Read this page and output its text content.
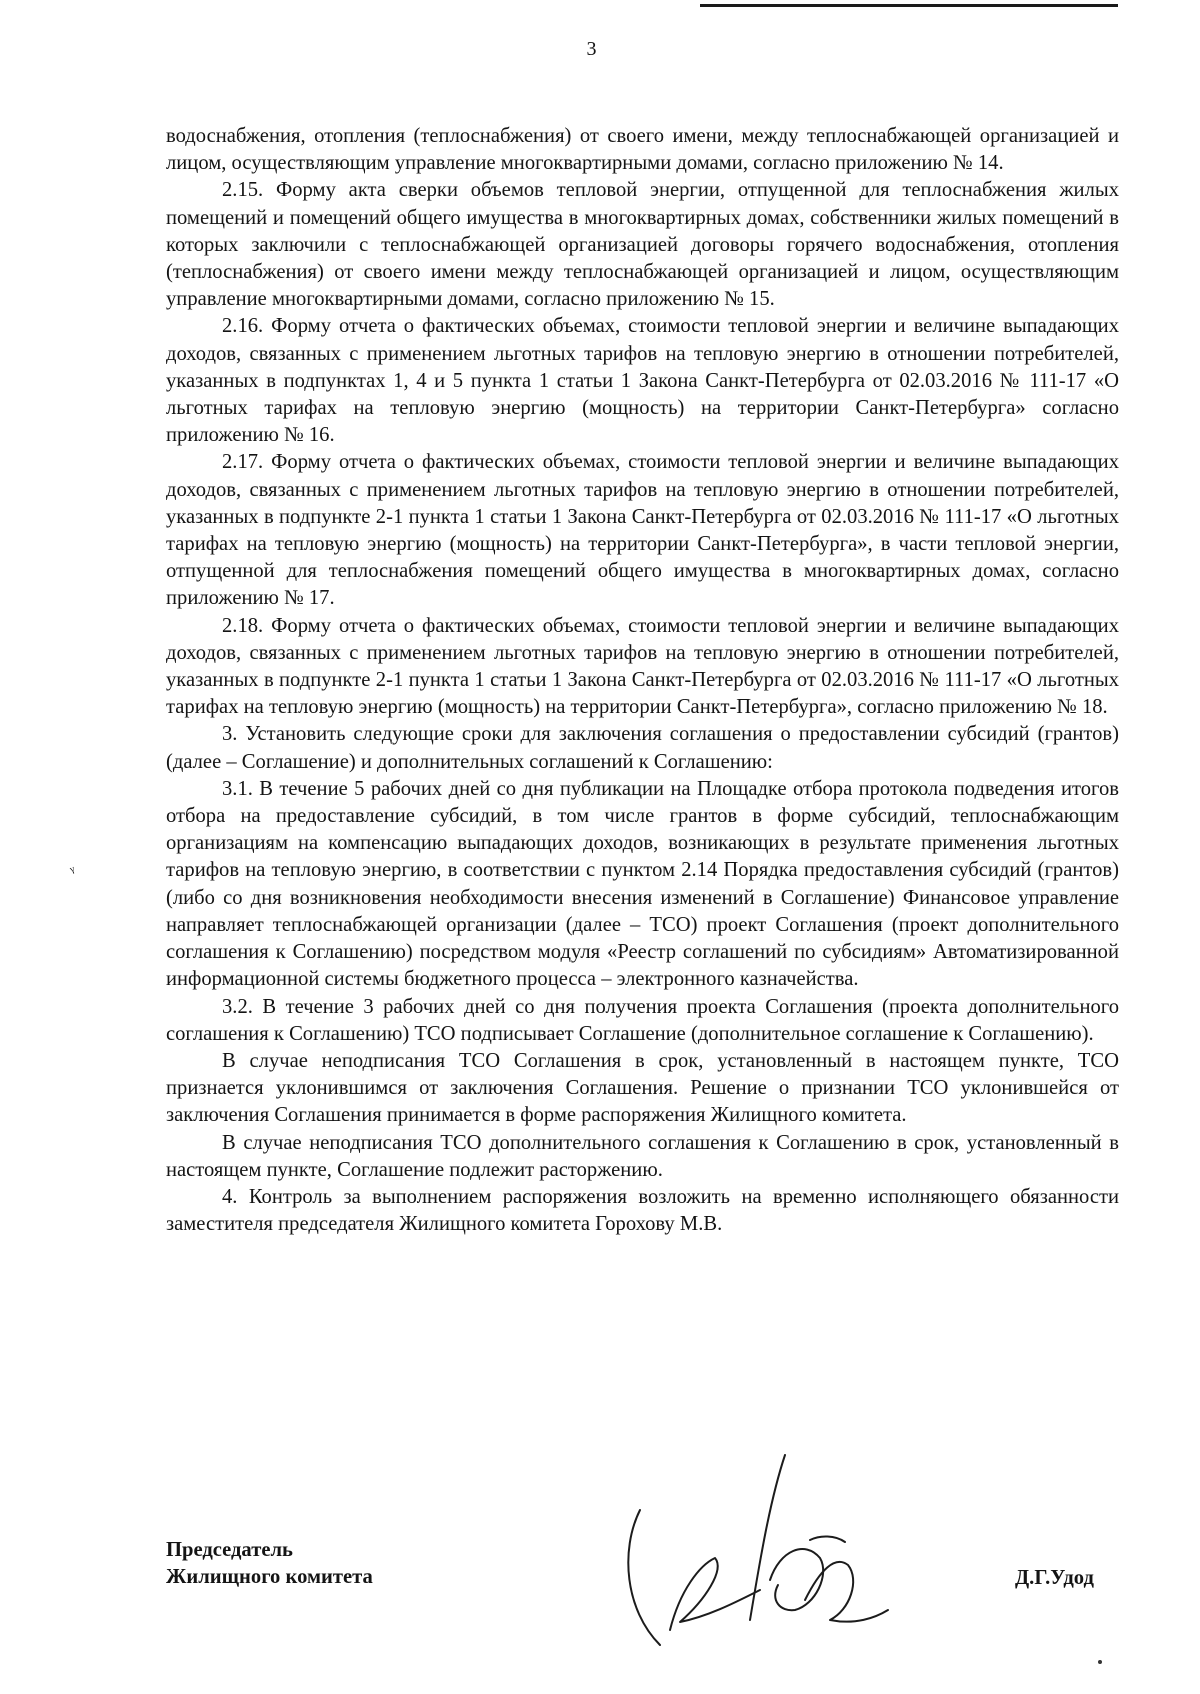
3

водоснабжения, отопления (теплоснабжения) от своего имени, между теплоснабжающей организацией и лицом, осуществляющим управление многоквартирными домами, согласно приложению № 14.

2.15. Форму акта сверки объемов тепловой энергии, отпущенной для теплоснабжения жилых помещений и помещений общего имущества в многоквартирных домах, собственники жилых помещений в которых заключили с теплоснабжающей организацией договоры горячего водоснабжения, отопления (теплоснабжения) от своего имени между теплоснабжающей организацией и лицом, осуществляющим управление многоквартирными домами, согласно приложению № 15.

2.16. Форму отчета о фактических объемах, стоимости тепловой энергии и величине выпадающих доходов, связанных с применением льготных тарифов на тепловую энергию в отношении потребителей, указанных в подпунктах 1, 4 и 5 пункта 1 статьи 1 Закона Санкт-Петербурга от 02.03.2016 № 111-17 «О льготных тарифах на тепловую энергию (мощность) на территории Санкт-Петербурга» согласно приложению № 16.

2.17. Форму отчета о фактических объемах, стоимости тепловой энергии и величине выпадающих доходов, связанных с применением льготных тарифов на тепловую энергию в отношении потребителей, указанных в подпункте 2-1 пункта 1 статьи 1 Закона Санкт-Петербурга от 02.03.2016 № 111-17 «О льготных тарифах на тепловую энергию (мощность) на территории Санкт-Петербурга», в части тепловой энергии, отпущенной для теплоснабжения помещений общего имущества в многоквартирных домах, согласно приложению № 17.

2.18. Форму отчета о фактических объемах, стоимости тепловой энергии и величине выпадающих доходов, связанных с применением льготных тарифов на тепловую энергию в отношении потребителей, указанных в подпункте 2-1 пункта 1 статьи 1 Закона Санкт-Петербурга от 02.03.2016 № 111-17 «О льготных тарифах на тепловую энергию (мощность) на территории Санкт-Петербурга», согласно приложению № 18.

3. Установить следующие сроки для заключения соглашения о предоставлении субсидий (грантов) (далее – Соглашение) и дополнительных соглашений к Соглашению:

3.1. В течение 5 рабочих дней со дня публикации на Площадке отбора протокола подведения итогов отбора на предоставление субсидий, в том числе грантов в форме субсидий, теплоснабжающим организациям на компенсацию выпадающих доходов, возникающих в результате применения льготных тарифов на тепловую энергию, в соответствии с пунктом 2.14 Порядка предоставления субсидий (грантов) (либо со дня возникновения необходимости внесения изменений в Соглашение) Финансовое управление направляет теплоснабжающей организации (далее – ТСО) проект Соглашения (проект дополнительного соглашения к Соглашению) посредством модуля «Реестр соглашений по субсидиям» Автоматизированной информационной системы бюджетного процесса – электронного казначейства.

3.2. В течение 3 рабочих дней со дня получения проекта Соглашения (проекта дополнительного соглашения к Соглашению) ТСО подписывает Соглашение (дополнительное соглашение к Соглашению).

В случае неподписания ТСО Соглашения в срок, установленный в настоящем пункте, ТСО признается уклонившимся от заключения Соглашения. Решение о признании ТСО уклонившейся от заключения Соглашения принимается в форме распоряжения Жилищного комитета.

В случае неподписания ТСО дополнительного соглашения к Соглашению в срок, установленный в настоящем пункте, Соглашение подлежит расторжению.

4. Контроль за выполнением распоряжения возложить на временно исполняющего обязанности заместителя председателя Жилищного комитета Горохову М.В.

ᵞ
Председатель
Жилищного комитета	Д.Г.Удод
